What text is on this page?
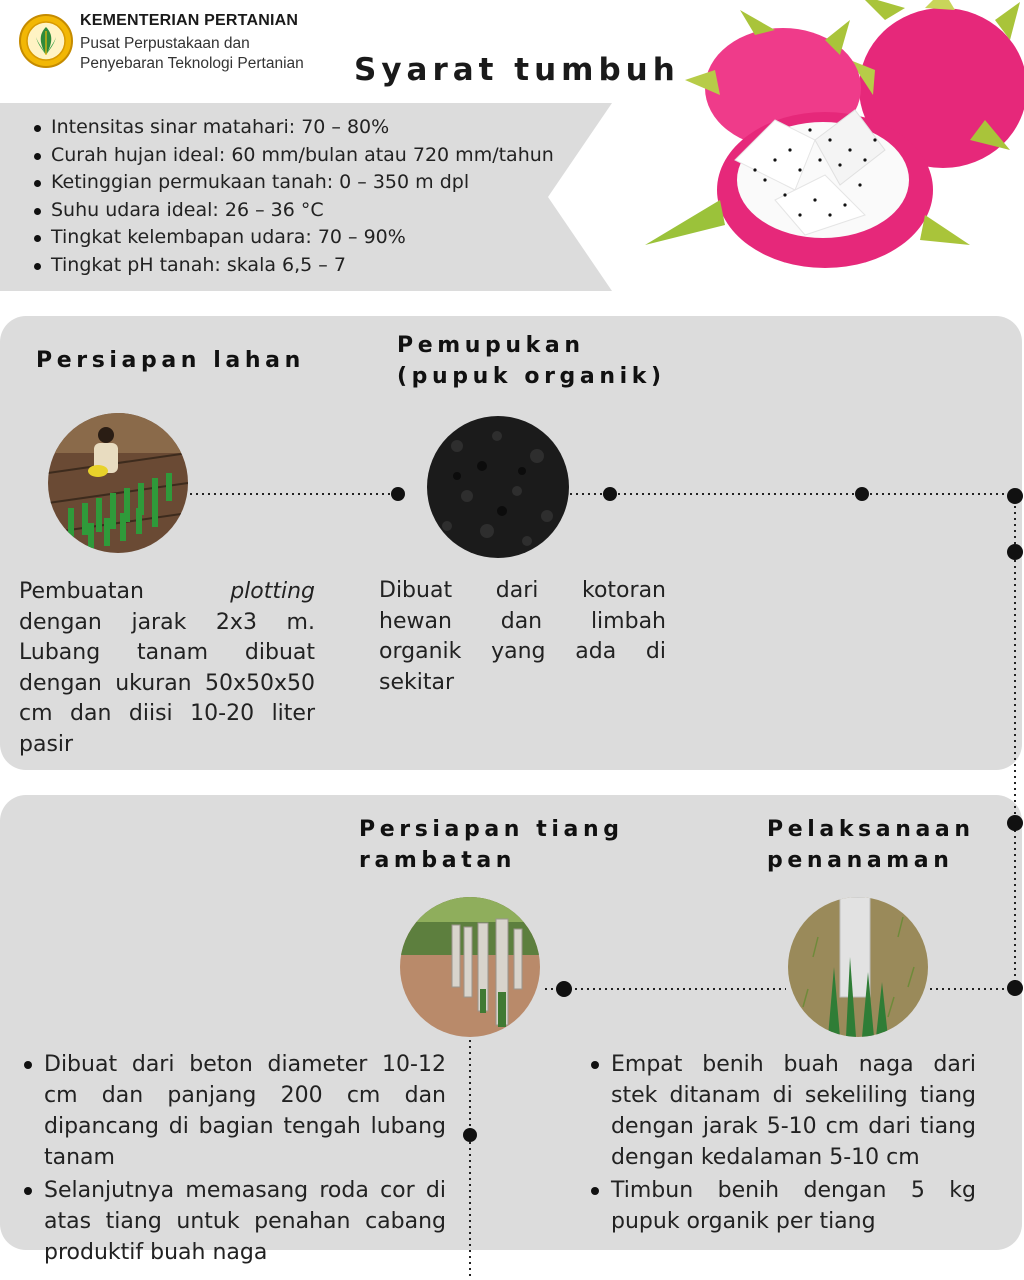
KEMENTERIAN PERTANIAN
Pusat Perpustakaan dan
Penyebaran Teknologi Pertanian Syarat tumbuh
Intensitas sinar matahari: 70 – 80%
Curah hujan ideal: 60 mm/bulan atau 720 mm/tahun
Ketinggian permukaan tanah: 0 – 350 m dpl
Suhu udara ideal: 26 – 36 °C
Tingkat kelembapan udara: 70 – 90%
Tingkat pH tanah: skala 6,5 – 7
Persiapan lahan
Pembuatan plotting dengan jarak 2x3 m. Lubang tanam dibuat dengan ukuran 50x50x50 cm dan diisi 10-20 liter pasir
Pemupukan
(pupuk organik)
Dibuat dari kotoran hewan dan limbah organik yang ada di sekitar
Persiapan tiang
rambatan
Dibuat dari beton diameter 10-12 cm dan panjang 200 cm dan dipancang di bagian tengah lubang tanam
Selanjutnya memasang roda cor di atas tiang untuk penahan cabang produktif buah naga
Pelaksanaan
penanaman
Empat benih buah naga dari stek ditanam di sekeliling tiang dengan jarak 5-10 cm dari tiang dengan kedalaman 5-10 cm
Timbun benih dengan 5 kg pupuk organik per tiang
